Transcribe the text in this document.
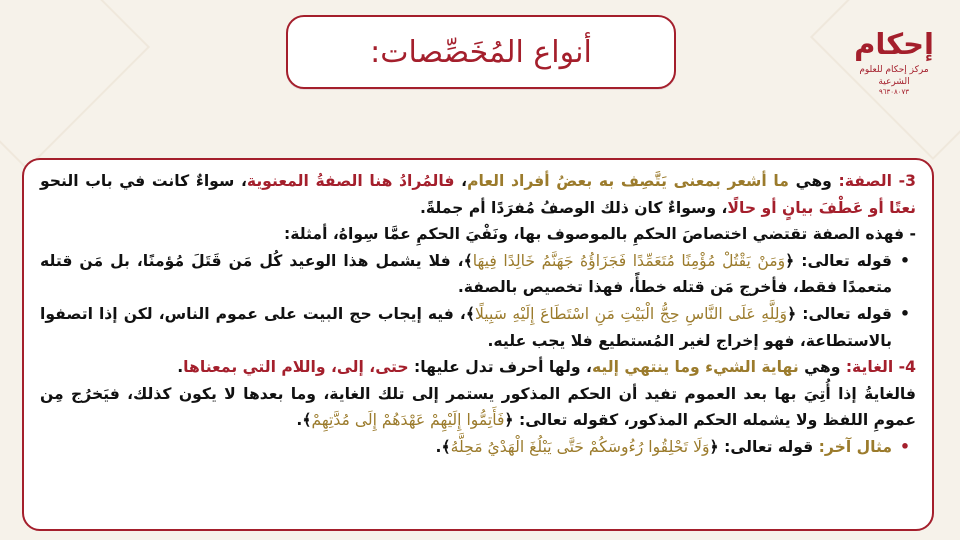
أنواع المُخَصِّصات:	إحكام
مركز إحكام للعلوم الشرعية
٩٦٣٠٨٠٧٣

3- الصفة: وهي ما أشعر بمعنى يَتَّصِف به بعضُ أفراد العام، فالمُرادُ هنا الصفةُ المعنوية، سواءٌ كانت في باب النحو نعتًا أو عَطْفَ بيانٍ أو حالًا، وسواءٌ كان ذلك الوصفُ مُفرَدًا أم جملةً.

- فهذه الصفة تقتضي اختصاصَ الحكمِ بالموصوف بها، ونَفْيَ الحكمِ عمَّا سِواهُ، أمثلة:

•
قوله تعالى: ﴿وَمَنْ يَقْتُلْ مُؤْمِنًا مُتَعَمِّدًا فَجَزَاؤُهُ جَهَنَّمُ خَالِدًا فِيهَا﴾، فلا يشمل هذا الوعيد كُل مَن قَتَلَ مُؤمنًا، بل مَن قتله متعمدًا فقط، فأخرج مَن قتله خطأً، فهذا تخصيص بالصفة.

•
قوله تعالى: ﴿وَلِلَّهِ عَلَى النَّاسِ حِجُّ الْبَيْتِ مَنِ اسْتَطَاعَ إِلَيْهِ سَبِيلًا﴾، فيه إيجاب حج البيت على عموم الناس، لكن إذا اتصفوا بالاستطاعة، فهو إخراج لغير المُستطيع فلا يجب عليه.

4- الغاية: وهي نهاية الشيء وما ينتهي إليه، ولها أحرف تدل عليها: حتى، إلى، واللام التي بمعناها.

فالغايةُ إذا أُتِيَ بها بعد العموم تفيد أن الحكم المذكور يستمر إلى تلك الغاية، وما بعدها لا يكون كذلك، فيَخرُج مِن عمومِ اللفظ ولا يشمله الحكم المذكور، كقوله تعالى: ﴿فَأَتِمُّوا إِلَيْهِمْ عَهْدَهُمْ إِلَى مُدَّتِهِمْ﴾.

•
مثال آخر: قوله تعالى: ﴿وَلَا تَحْلِقُوا رُءُوسَكُمْ حَتَّى يَبْلُغَ الْهَدْيُ مَحِلَّهُ﴾.
